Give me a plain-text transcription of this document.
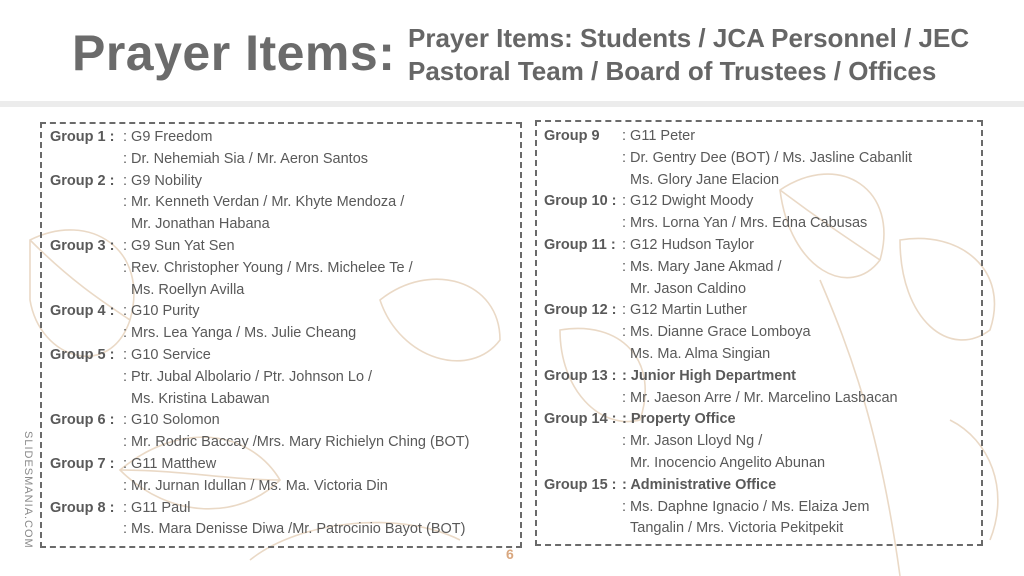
Prayer Items: Prayer Items: Students / JCA Personnel / JEC
Pastoral Team / Board of Trustees / Offices
Group 1 : : G9 Freedom
: Dr. Nehemiah Sia / Mr. Aeron Santos
Group 2 : : G9 Nobility
: Mr. Kenneth Verdan / Mr. Khyte Mendoza /
Mr. Jonathan Habana
Group 3 : : G9 Sun Yat Sen
: Rev. Christopher Young / Mrs. Michelee Te /
Ms. Roellyn Avilla
Group 4 : : G10 Purity
: Mrs. Lea Yanga / Ms. Julie Cheang
Group 5 : : G10 Service
: Ptr. Jubal Albolario / Ptr. Johnson Lo /
Ms. Kristina Labawan
Group 6 : : G10 Solomon
: Mr. Rodric Baccay /Mrs. Mary Richielyn Ching (BOT)
Group 7 : : G11 Matthew
: Mr. Jurnan Idullan / Ms. Ma. Victoria Din
Group 8 : : G11 Paul
: Ms. Mara Denisse Diwa /Mr. Patrocinio Bayot (BOT)
Group 9: G11 Peter
: Dr. Gentry Dee (BOT) / Ms. Jasline Cabanlit
Ms. Glory Jane Elacion
Group 10 : : G12 Dwight Moody
: Mrs. Lorna Yan / Mrs. Edna Cabusas
Group 11 : : G12 Hudson Taylor
: Ms. Mary Jane Akmad /
Mr. Jason Caldino
Group 12 : : G12 Martin Luther
: Ms. Dianne Grace Lomboya
Ms. Ma. Alma Singian
Group 13 : : Junior High Department
: Mr. Jaeson Arre / Mr. Marcelino Lasbacan
Group 14 : : Property Office
: Mr. Jason Lloyd Ng /
Mr. Inocencio Angelito Abunan
Group 15 : : Administrative Office
: Ms. Daphne Ignacio / Ms. Elaiza Jem
Tangalin / Mrs. Victoria Pekitpekit
SLIDESMANIA.COM
6
